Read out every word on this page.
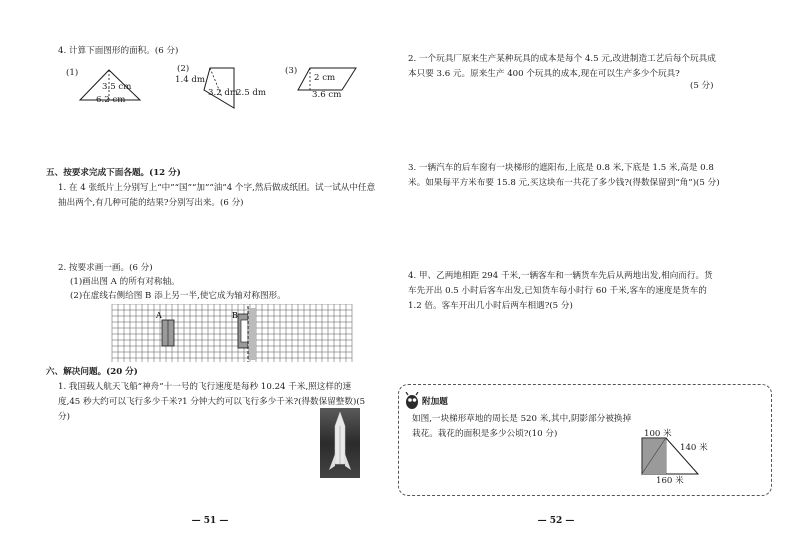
4. 计算下面图形的面积。(6 分)
(1)
3.5 cm
6.2 cm
(2)
1.4 dm
3.2 dm
2.5 dm
(3)
2 cm
3.6 cm
五、按要求完成下面各题。(12 分)
1. 在 4 张纸片上分别写上“中”“国”“加”“油”4 个字,然后做成纸团。试一试从中任意抽出两个,有几种可能的结果?分别写出来。(6 分)
2. 按要求画一画。(6 分)
(1)画出图 A 的所有对称轴。
(2)在虚线右侧给图 B 添上另一半,使它成为轴对称图形。
A	B
六、解决问题。(20 分)
1. 我国载人航天飞船“神舟”十一号的飞行速度是每秒 10.24 千米,照这样的速度,45 秒大约可以飞行多少千米?1 分钟大约可以飞行多少千米?(得数保留整数)(5 分)
— 51 —
2. 一个玩具厂原来生产某种玩具的成本是每个 4.5 元,改进制造工艺后每个玩具成本只要 3.6 元。原来生产 400 个玩具的成本,现在可以生产多少个玩具?
(5 分)
3. 一辆汽车的后车窗有一块梯形的遮阳布,上底是 0.8 米,下底是 1.5 米,高是 0.8 米。如果每平方米布要 15.8 元,买这块布一共花了多少钱?(得数保留到“角”)(5 分)
4. 甲、乙两地相距 294 千米,一辆客车和一辆货车先后从两地出发,相向而行。货车先开出 0.5 小时后客车出发,已知货车每小时行 60 千米,客车的速度是货车的 1.2 倍。客车开出几小时后两车相遇?(5 分)
— 52 —
附加题
如图,一块梯形草地的周长是 520 米,其中,阴影部分被换掉栽花。栽花的面积是多少公顷?(10 分)	100 米
140 米
160 米
